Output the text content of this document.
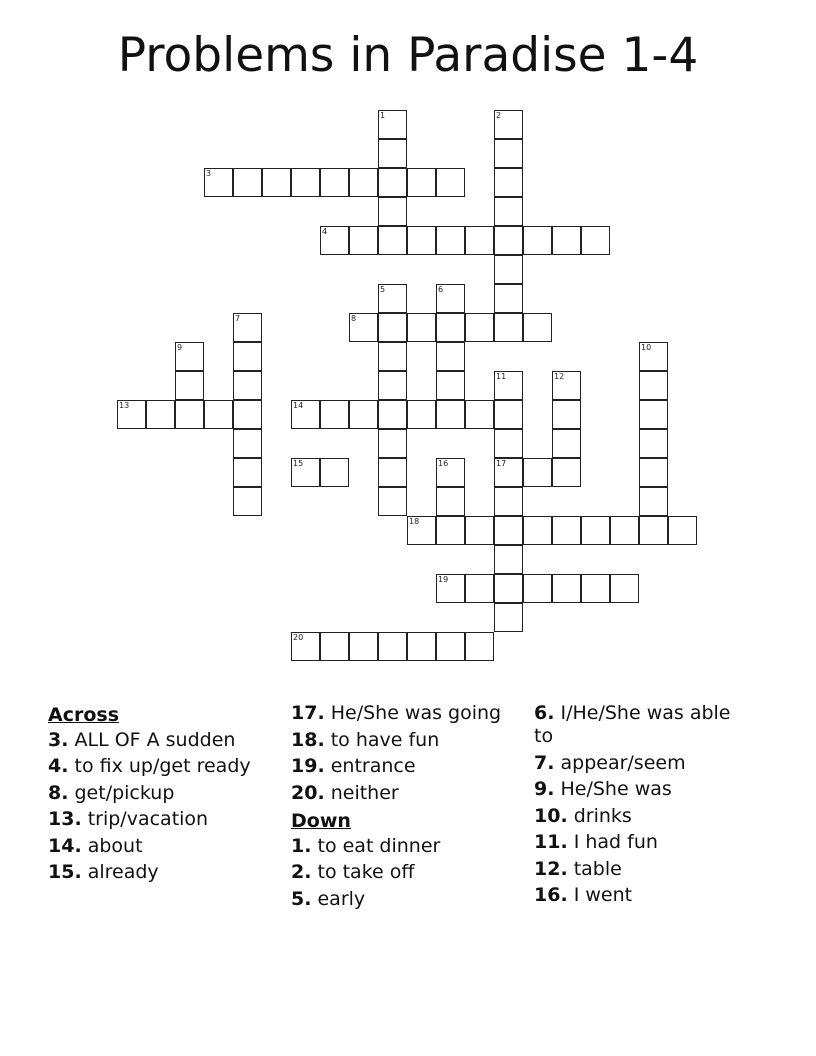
Problems in Paradise 1-4
1	2
3
4
5	6
7	8
9	10
11
17
12
13	14
15	16
18
19
20
Across
3. ALL OF A sudden
4. to fix up/get ready
8. get/pickup
13. trip/vacation
14. about
15. already
17. He/She was going
18. to have fun
19. entrance
20. neither
Down
1. to eat dinner
2. to take off
5. early
6. I/He/She was able to
7. appear/seem
9. He/She was
10. drinks
11. I had fun
12. table
16. I went
